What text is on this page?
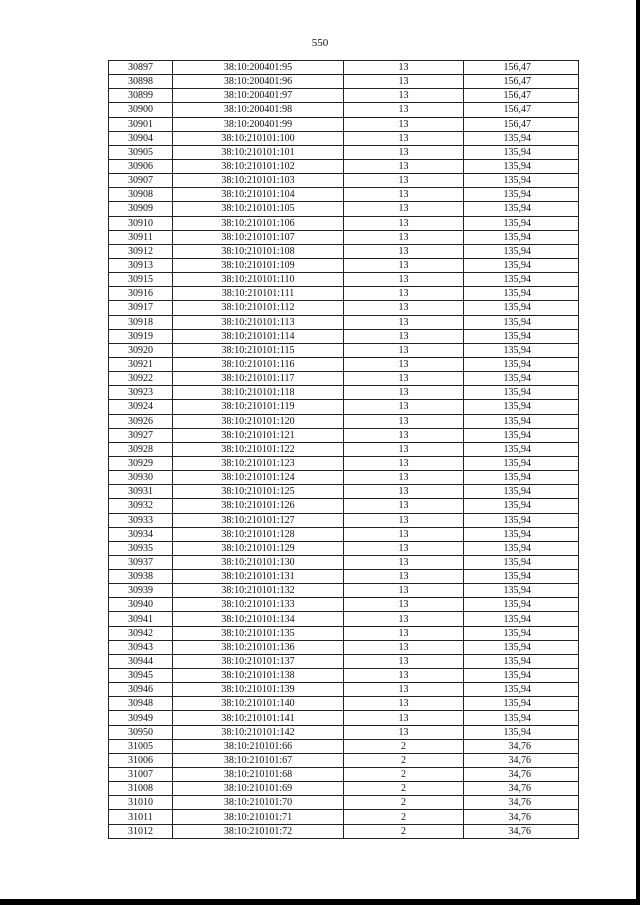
550
30897	38:10:200401:95	13	156,47
30898	38:10:200401:96	13	156,47
30899	38:10:200401:97	13	156,47
30900	38:10:200401:98	13	156,47
30901	38:10:200401:99	13	156,47
30904	38:10:210101:100	13	135,94
30905	38:10:210101:101	13	135,94
30906	38:10:210101:102	13	135,94
30907	38:10:210101:103	13	135,94
30908	38:10:210101:104	13	135,94
30909	38:10:210101:105	13	135,94
30910	38:10:210101:106	13	135,94
30911	38:10:210101:107	13	135,94
30912	38:10:210101:108	13	135,94
30913	38:10:210101:109	13	135,94
30915	38:10:210101:110	13	135,94
30916	38:10:210101:111	13	135,94
30917	38:10:210101:112	13	135,94
30918	38:10:210101:113	13	135,94
30919	38:10:210101:114	13	135,94
30920	38:10:210101:115	13	135,94
30921	38:10:210101:116	13	135,94
30922	38:10:210101:117	13	135,94
30923	38:10:210101:118	13	135,94
30924	38:10:210101:119	13	135,94
30926	38:10:210101:120	13	135,94
30927	38:10:210101:121	13	135,94
30928	38:10:210101:122	13	135,94
30929	38:10:210101:123	13	135,94
30930	38:10:210101:124	13	135,94
30931	38:10:210101:125	13	135,94
30932	38:10:210101:126	13	135,94
30933	38:10:210101:127	13	135,94
30934	38:10:210101:128	13	135,94
30935	38:10:210101:129	13	135,94
30937	38:10:210101:130	13	135,94
30938	38:10:210101:131	13	135,94
30939	38:10:210101:132	13	135,94
30940	38:10:210101:133	13	135,94
30941	38:10:210101:134	13	135,94
30942	38:10:210101:135	13	135,94
30943	38:10:210101:136	13	135,94
30944	38:10:210101:137	13	135,94
30945	38:10:210101:138	13	135,94
30946	38:10:210101:139	13	135,94
30948	38:10:210101:140	13	135,94
30949	38:10:210101:141	13	135,94
30950	38:10:210101:142	13	135,94
31005	38:10:210101:66	2	34,76
31006	38:10:210101:67	2	34,76
31007	38:10:210101:68	2	34,76
31008	38:10:210101:69	2	34,76
31010	38:10:210101:70	2	34,76
31011	38:10:210101:71	2	34,76
31012	38:10:210101:72	2	34,76
